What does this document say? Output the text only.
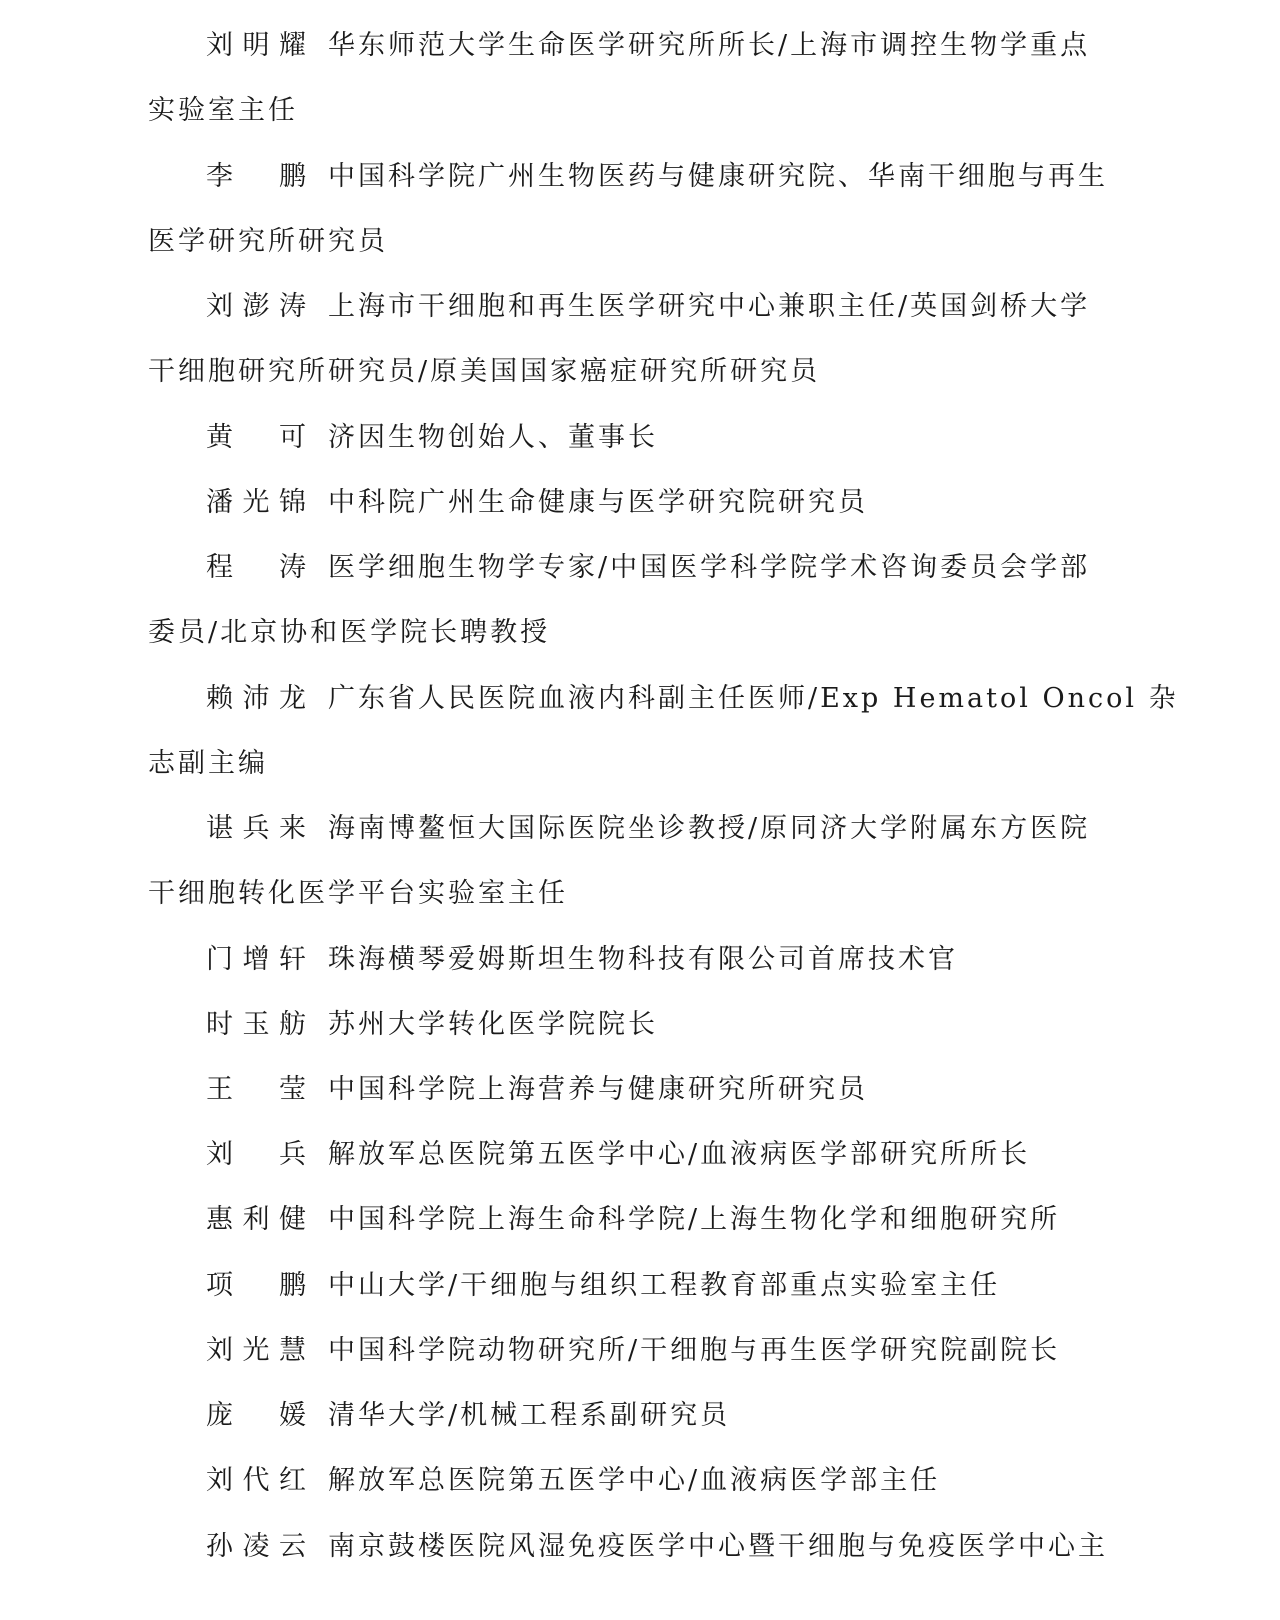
刘明耀 华东师范大学生命医学研究所所长/上海市调控生物学重点
实验室主任
李　鹏 中国科学院广州生物医药与健康研究院、华南干细胞与再生
医学研究所研究员
刘澎涛 上海市干细胞和再生医学研究中心兼职主任/英国剑桥大学
干细胞研究所研究员/原美国国家癌症研究所研究员
黄　可 济因生物创始人、董事长
潘光锦 中科院广州生命健康与医学研究院研究员
程　涛 医学细胞生物学专家/中国医学科学院学术咨询委员会学部
委员/北京协和医学院长聘教授
赖沛龙 广东省人民医院血液内科副主任医师/Exp Hematol Oncol 杂
志副主编
谌兵来 海南博鳌恒大国际医院坐诊教授/原同济大学附属东方医院
干细胞转化医学平台实验室主任
门增轩 珠海横琴爱姆斯坦生物科技有限公司首席技术官
时玉舫 苏州大学转化医学院院长
王　莹 中国科学院上海营养与健康研究所研究员
刘　兵 解放军总医院第五医学中心/血液病医学部研究所所长
惠利健 中国科学院上海生命科学院/上海生物化学和细胞研究所
项　鹏 中山大学/干细胞与组织工程教育部重点实验室主任
刘光慧 中国科学院动物研究所/干细胞与再生医学研究院副院长
庞　媛 清华大学/机械工程系副研究员
刘代红 解放军总医院第五医学中心/血液病医学部主任
孙凌云 南京鼓楼医院风湿免疫医学中心暨干细胞与免疫医学中心主
